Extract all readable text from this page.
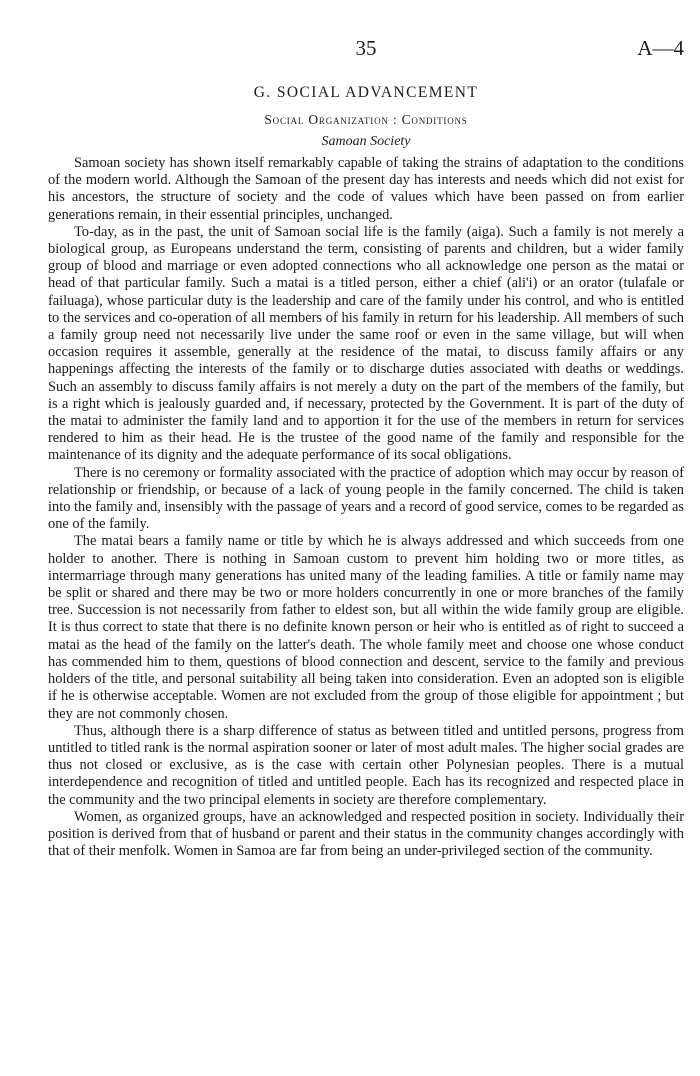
35	A—4
G. SOCIAL ADVANCEMENT
Social Organization : Conditions
Samoan Society

Samoan society has shown itself remarkably capable of taking the strains of adaptation to the conditions of the modern world. Although the Samoan of the present day has interests and needs which did not exist for his ancestors, the structure of society and the code of values which have been passed on from earlier generations remain, in their essential principles, unchanged.

To-day, as in the past, the unit of Samoan social life is the family (aiga). Such a family is not merely a biological group, as Europeans understand the term, consisting of parents and children, but a wider family group of blood and marriage or even adopted connections who all acknowledge one person as the matai or head of that particular family. Such a matai is a titled person, either a chief (ali'i) or an orator (tulafale or failuaga), whose particular duty is the leadership and care of the family under his control, and who is entitled to the services and co-operation of all members of his family in return for his leadership. All members of such a family group need not necessarily live under the same roof or even in the same village, but will when occasion requires it assemble, generally at the residence of the matai, to discuss family affairs or any happenings affecting the interests of the family or to discharge duties associated with deaths or weddings. Such an assembly to discuss family affairs is not merely a duty on the part of the members of the family, but is a right which is jealously guarded and, if necessary, protected by the Government. It is part of the duty of the matai to administer the family land and to apportion it for the use of the members in return for services rendered to him as their head. He is the trustee of the good name of the family and responsible for the maintenance of its dignity and the adequate performance of its socal obligations.

There is no ceremony or formality associated with the practice of adoption which may occur by reason of relationship or friendship, or because of a lack of young people in the family concerned. The child is taken into the family and, insensibly with the passage of years and a record of good service, comes to be regarded as one of the family.

The matai bears a family name or title by which he is always addressed and which succeeds from one holder to another. There is nothing in Samoan custom to prevent him holding two or more titles, as intermarriage through many generations has united many of the leading families. A title or family name may be split or shared and there may be two or more holders concurrently in one or more branches of the family tree. Succession is not necessarily from father to eldest son, but all within the wide family group are eligible. It is thus correct to state that there is no definite known person or heir who is entitled as of right to succeed a matai as the head of the family on the latter's death. The whole family meet and choose one whose conduct has commended him to them, questions of blood connection and descent, service to the family and previous holders of the title, and personal suitability all being taken into consideration. Even an adopted son is eligible if he is otherwise acceptable. Women are not excluded from the group of those eligible for appointment ; but they are not commonly chosen.

Thus, although there is a sharp difference of status as between titled and untitled persons, progress from untitled to titled rank is the normal aspiration sooner or later of most adult males. The higher social grades are thus not closed or exclusive, as is the case with certain other Polynesian peoples. There is a mutual interdependence and recognition of titled and untitled people. Each has its recognized and respected place in the community and the two principal elements in society are therefore complementary.

Women, as organized groups, have an acknowledged and respected position in society. Individually their position is derived from that of husband or parent and their status in the community changes accordingly with that of their menfolk. Women in Samoa are far from being an under-privileged section of the community.
